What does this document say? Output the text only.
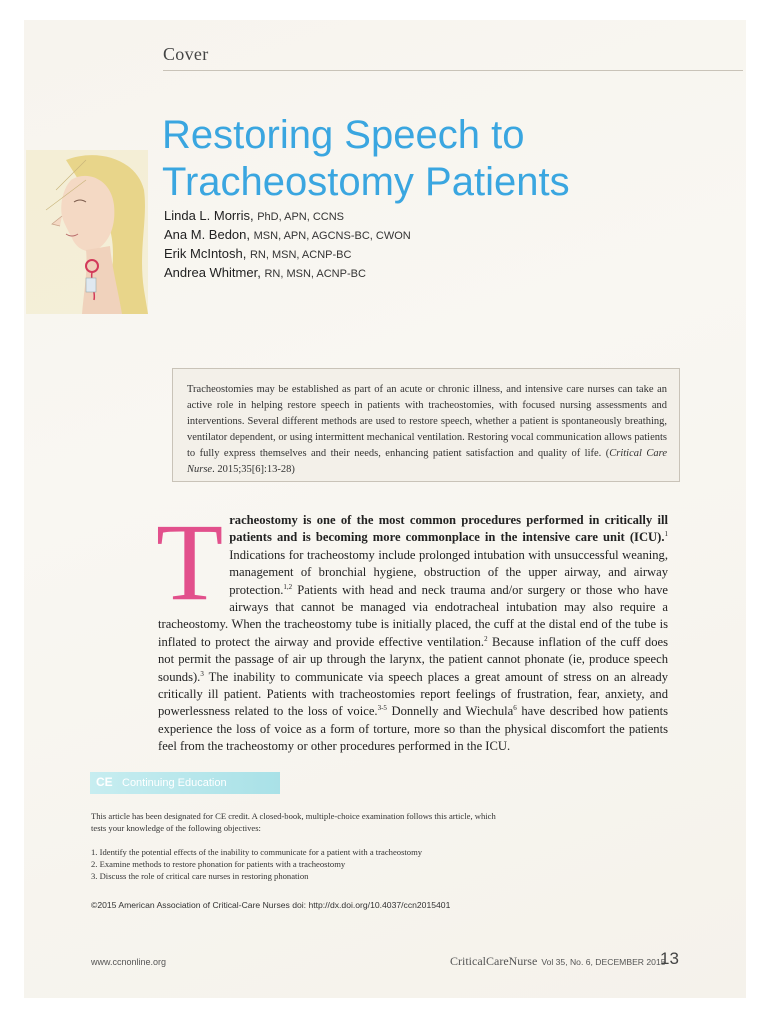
Cover
Restoring Speech to
Tracheostomy Patients
Linda L. Morris, PhD, APN, CCNS
Ana M. Bedon, MSN, APN, AGCNS-BC, CWON
Erik McIntosh, RN, MSN, ACNP-BC
Andrea Whitmer, RN, MSN, ACNP-BC

Tracheostomies may be established as part of an acute or chronic illness, and intensive care nurses can take an active role in helping restore speech in patients with tracheostomies, with focused nursing assessments and interventions. Several different methods are used to restore speech, whether a patient is spontaneously breathing, ventilator dependent, or using intermittent mechanical ventilation. Restoring vocal communication allows patients to fully express themselves and their needs, enhancing patient satisfaction and quality of life. (Critical Care Nurse. 2015;35[6]:13-28)

T racheostomy is one of the most common procedures performed in critically ill patients and is becoming more commonplace in the intensive care unit (ICU).$^1$ Indications for tracheostomy include prolonged intubation with unsuccessful weaning, management of bronchial hygiene, obstruction of the upper airway, and airway protection.$^{1,2}$ Patients with head and neck trauma and/or surgery or those who have airways that cannot be managed via endotracheal intubation may also require a tracheostomy. When the tracheostomy tube is initially placed, the cuff at the distal end of the tube is inflated to protect the airway and provide effective ventilation.$^2$ Because inflation of the cuff does not permit the passage of air up through the larynx, the patient cannot phonate (ie, produce speech sounds).$^3$ The inability to communicate via speech places a great amount of stress on an already critically ill patient. Patients with tracheostomies report feelings of frustration, fear, anxiety, and powerlessness related to the loss of voice.$^{3-5}$ Donnelly and Wiechula$^6$ have described how patients experience the loss of voice as a form of torture, more so than the physical discomfort the patients feel from the tracheostomy or other procedures performed in the ICU.

CE Continuing Education
This article has been designated for CE credit. A closed-book, multiple-choice examination follows this article, which tests your knowledge of the following objectives:
1. Identify the potential effects of the inability to communicate for a patient with a tracheostomy
2. Examine methods to restore phonation for patients with a tracheostomy
3. Discuss the role of critical care nurses in restoring phonation
©2015 American Association of Critical-Care Nurses doi: http://dx.doi.org/10.4037/ccn2015401
www.ccnonline.org	CriticalCareNurse Vol 35, No. 6, DECEMBER 2015
13
